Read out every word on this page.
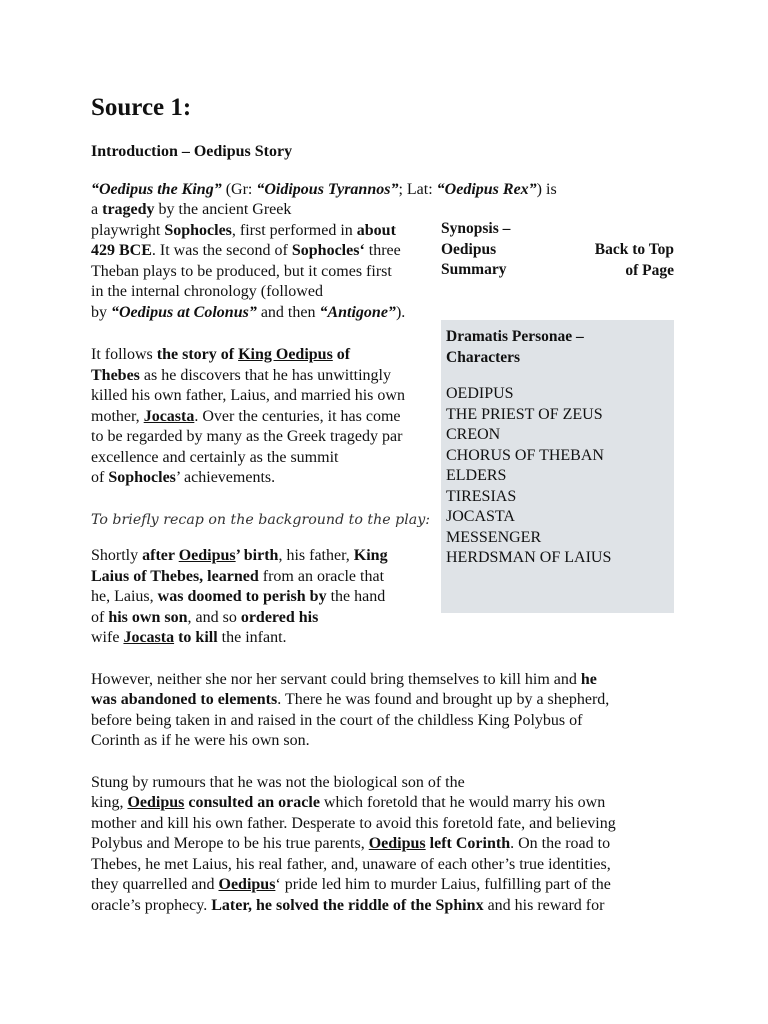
Source 1:
Introduction – Oedipus Story
“Oedipus the King” (Gr: “Oidipous Tyrannos”; Lat: “Oedipus Rex”) is
a tragedy by the ancient Greek
playwright Sophocles, first performed in about
429 BCE. It was the second of Sophocles‘ three
Theban plays to be produced, but it comes first
in the internal chronology (followed
by “Oedipus at Colonus” and then “Antigone”).
Synopsis –
Oedipus
Summary
Back to Top
of Page
It follows the story of King Oedipus of
Thebes as he discovers that he has unwittingly
killed his own father, Laius, and married his own
mother, Jocasta. Over the centuries, it has come
to be regarded by many as the Greek tragedy par
excellence and certainly as the summit
of Sophocles’ achievements.
Dramatis Personae –
Characters
OEDIPUS
THE PRIEST OF ZEUS
CREON
CHORUS OF THEBAN
ELDERS
TIRESIAS
JOCASTA
MESSENGER
HERDSMAN OF LAIUS
To briefly recap on the background to the play:
Shortly after Oedipus’ birth, his father, King
Laius of Thebes, learned from an oracle that
he, Laius, was doomed to perish by the hand
of his own son, and so ordered his
wife Jocasta to kill the infant.
However, neither she nor her servant could bring themselves to kill him and he
was abandoned to elements. There he was found and brought up by a shepherd,
before being taken in and raised in the court of the childless King Polybus of
Corinth as if he were his own son.
Stung by rumours that he was not the biological son of the
king, Oedipus consulted an oracle which foretold that he would marry his own
mother and kill his own father. Desperate to avoid this foretold fate, and believing
Polybus and Merope to be his true parents, Oedipus left Corinth. On the road to
Thebes, he met Laius, his real father, and, unaware of each other’s true identities,
they quarrelled and Oedipus‘ pride led him to murder Laius, fulfilling part of the
oracle’s prophecy. Later, he solved the riddle of the Sphinx and his reward for
